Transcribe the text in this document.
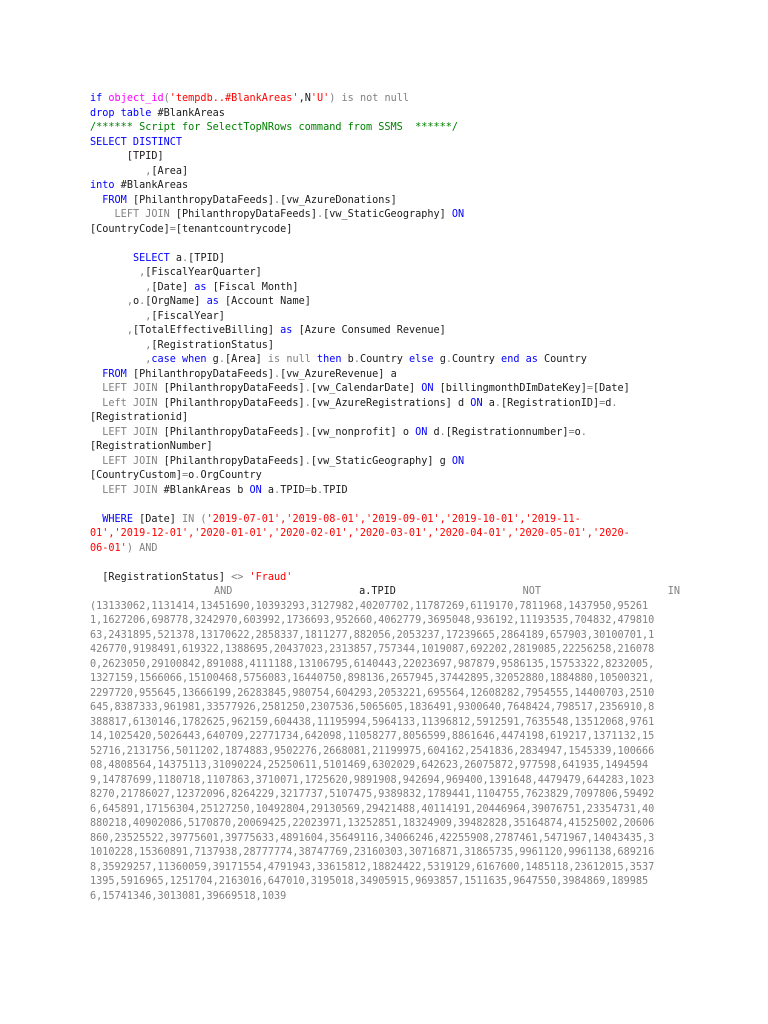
if object_id('tempdb..#BlankAreas',N'U') is not null
drop table #BlankAreas
/****** Script for SelectTopNRows command from SSMS  ******/
SELECT DISTINCT
[TPID]
,[Area]
into #BlankAreas
FROM [PhilanthropyDataFeeds].[vw_AzureDonations]
LEFT JOIN [PhilanthropyDataFeeds].[vw_StaticGeography] ON
[CountryCode]=[tenantcountrycode]
SELECT a.[TPID]
,[FiscalYearQuarter]
,[Date] as [Fiscal Month]
,o.[OrgName] as [Account Name]
,[FiscalYear]
,[TotalEffectiveBilling] as [Azure Consumed Revenue]
,[RegistrationStatus]
,case when g.[Area] is null then b.Country else g.Country end as Country
FROM [PhilanthropyDataFeeds].[vw_AzureRevenue] a
LEFT JOIN [PhilanthropyDataFeeds].[vw_CalendarDate] ON [billingmonthDImDateKey]=[Date]
Left JOIN [PhilanthropyDataFeeds].[vw_AzureRegistrations] d ON a.[RegistrationID]=d.
[Registrationid]
LEFT JOIN [PhilanthropyDataFeeds].[vw_nonprofit] o ON d.[Registrationnumber]=o.
[RegistrationNumber]
LEFT JOIN [PhilanthropyDataFeeds].[vw_StaticGeography] g ON
[CountryCustom]=o.OrgCountry
LEFT JOIN #BlankAreas b ON a.TPID=b.TPID
WHERE [Date] IN ('2019-07-01','2019-08-01','2019-09-01','2019-10-01','2019-11-
01','2019-12-01','2020-01-01','2020-02-01','2020-03-01','2020-04-01','2020-05-01','2020-
06-01') AND
[RegistrationStatus] <> 'Fraud'
AND	a.TPID	NOT	IN
(13133062,1131414,13451690,10393293,3127982,40207702,11787269,6119170,7811968,1437950,952611,1627206,698778,3242970,603992,1736693,952660,4062779,3695048,936192,11193535,704832,47981063,2431895,521378,13170622,2858337,1811277,882056,2053237,17239665,2864189,657903,30100701,1426770,9198491,619322,1388695,20437023,2313857,757344,1019087,692202,2819085,22256258,2160780,2623050,29100842,891088,4111188,13106795,6140443,22023697,987879,9586135,15753322,8232005,1327159,1566066,15100468,5756083,16440750,898136,2657945,37442895,32052880,1884880,10500321,2297720,955645,13666199,26283845,980754,604293,2053221,695564,12608282,7954555,14400703,2510645,8387333,961981,33577926,2581250,2307536,5065605,1836491,9300640,7648424,798517,2356910,8388817,6130146,1782625,962159,604438,11195994,5964133,11396812,5912591,7635548,13512068,976114,1025420,5026443,640709,22771734,642098,11058277,8056599,8861646,4474198,619217,1371132,1552716,2131756,5011202,1874883,9502276,2668081,21199975,604162,2541836,2834947,1545339,10066608,4808564,14375113,31090224,25250611,5101469,6302029,642623,26075872,977598,641935,14945949,14787699,1180718,1107863,3710071,1725620,9891908,942694,969400,1391648,4479479,644283,10238270,21786027,12372096,8264229,3217737,5107475,9389832,1789441,1104755,7623829,7097806,594926,645891,17156304,25127250,10492804,29130569,29421488,40114191,20446964,39076751,23354731,40880218,40902086,5170870,20069425,22023971,13252851,18324909,39482828,35164874,41525002,20606860,23525522,39775601,39775633,4891604,35649116,34066246,42255908,2787461,5471967,14043435,31010228,15360891,7137938,28777774,38747769,23160303,30716871,31865735,9961120,9961138,6892168,35929257,11360059,39171554,4791943,33615812,18824422,5319129,6167600,1485118,23612015,35371395,5916965,1251704,2163016,647010,3195018,34905915,9693857,1511635,9647550,3984869,1899856,15741346,3013081,39669518,1039
